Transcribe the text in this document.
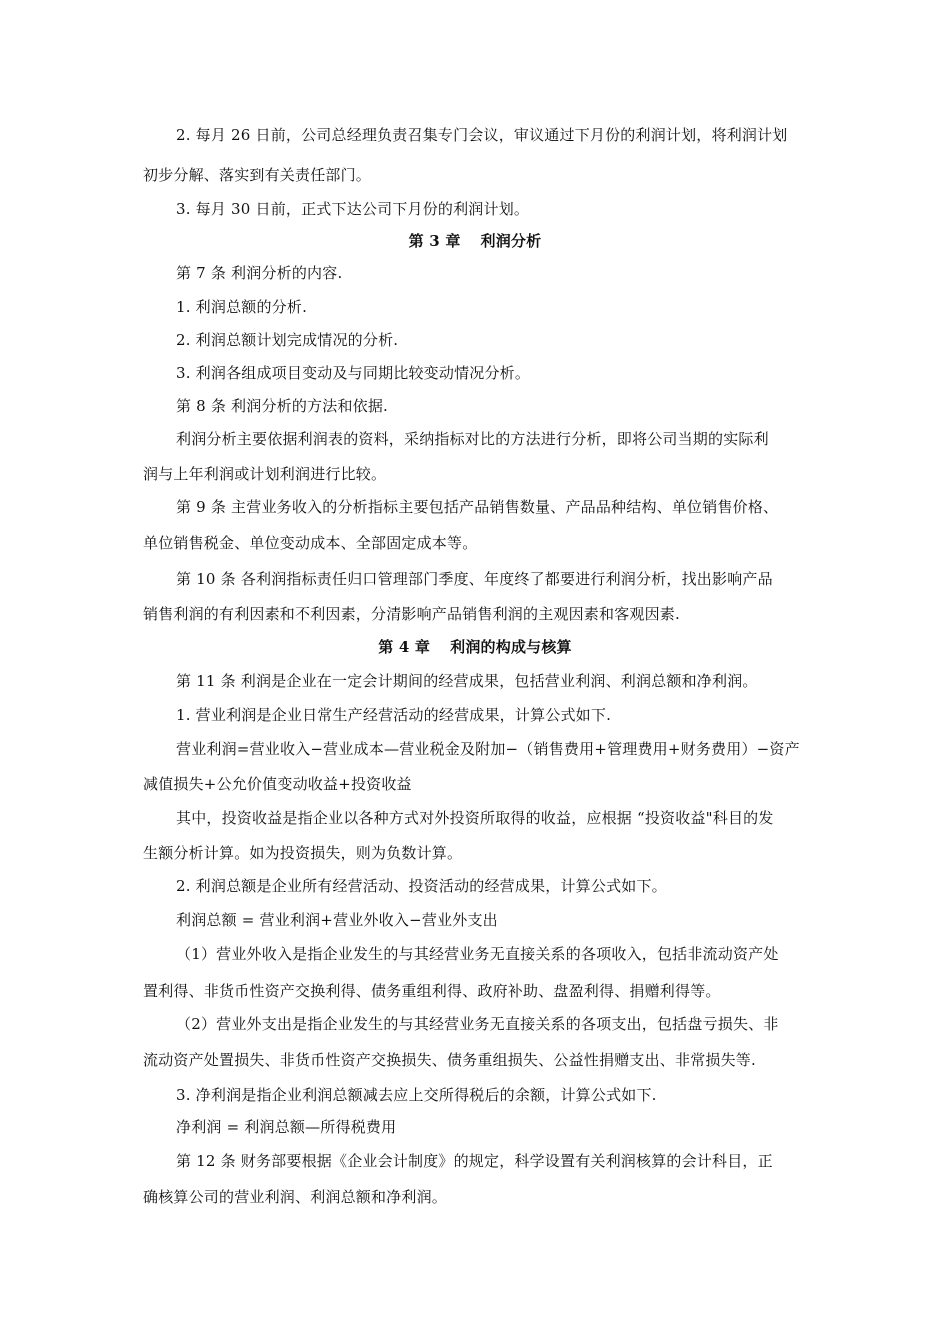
2. 每月 26 日前，公司总经理负责召集专门会议，审议通过下月份的利润计划，将利润计划
初步分解、落实到有关责任部门。
3. 每月 30 日前，正式下达公司下月份的利润计划。
第 3 章 利润分析
第 7 条 利润分析的内容.
1. 利润总额的分析.
2. 利润总额计划完成情况的分析.
3. 利润各组成项目变动及与同期比较变动情况分析。
第 8 条 利润分析的方法和依据.
利润分析主要依据利润表的资料，采纳指标对比的方法进行分析，即将公司当期的实际利
润与上年利润或计划利润进行比较。
第 9 条 主营业务收入的分析指标主要包括产品销售数量、产品品种结构、单位销售价格、
单位销售税金、单位变动成本、全部固定成本等。
第 10 条 各利润指标责任归口管理部门季度、年度终了都要进行利润分析，找出影响产品
销售利润的有利因素和不利因素，分清影响产品销售利润的主观因素和客观因素.
第 4 章 利润的构成与核算
第 11 条 利润是企业在一定会计期间的经营成果，包括营业利润、利润总额和净利润。
1. 营业利润是企业日常生产经营活动的经营成果，计算公式如下.
营业利润=营业收入−营业成本—营业税金及附加−（销售费用+管理费用+财务费用）−资产
减值损失+公允价值变动收益+投资收益
其中，投资收益是指企业以各种方式对外投资所取得的收益，应根据 “投资收益"科目的发
生额分析计算。如为投资损失，则为负数计算。
2. 利润总额是企业所有经营活动、投资活动的经营成果，计算公式如下。
利润总额 = 营业利润+营业外收入−营业外支出
（1）营业外收入是指企业发生的与其经营业务无直接关系的各项收入，包括非流动资产处
置利得、非货币性资产交换利得、债务重组利得、政府补助、盘盈利得、捐赠利得等。
（2）营业外支出是指企业发生的与其经营业务无直接关系的各项支出，包括盘亏损失、非
流动资产处置损失、非货币性资产交换损失、债务重组损失、公益性捐赠支出、非常损失等.
3. 净利润是指企业利润总额减去应上交所得税后的余额，计算公式如下.
净利润 = 利润总额—所得税费用
第 12 条 财务部要根据《企业会计制度》的规定，科学设置有关利润核算的会计科目，正
确核算公司的营业利润、利润总额和净利润。
